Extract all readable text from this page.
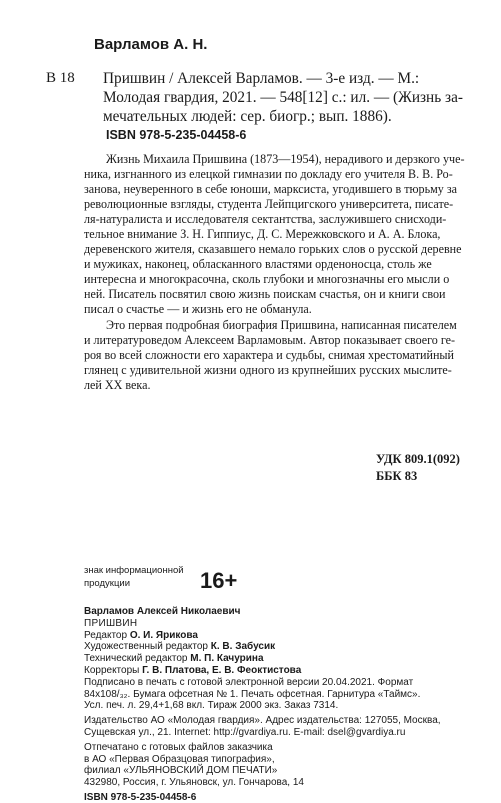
Варламов А. Н.
В 18 Пришвин / Алексей Варламов. — 3-е изд. — М.:
Молодая гвардия, 2021. — 548[12] с.: ил. — (Жизнь за-
мечательных людей: сер. биогр.; вып. 1886).
ISBN 978-5-235-04458-6
Жизнь Михаила Пришвина (1873—1954), нерадивого и дерзкого уче-
ника, изгнанного из елецкой гимназии по докладу его учителя В. В. Ро-
занова, неуверенного в себе юноши, марксиста, угодившего в тюрьму за
революционные взгляды, студента Лейпцигского университета, писате-
ля-натуралиста и исследователя сектантства, заслужившего снисходи-
тельное внимание З. Н. Гиппиус, Д. С. Мережковского и А. А. Блока,
деревенского жителя, сказавшего немало горьких слов о русской деревне
и мужиках, наконец, обласканного властями орденоносца, столь же
интересна и многокрасочна, сколь глубоки и многозначны его мысли о
ней. Писатель посвятил свою жизнь поискам счастья, он и книги свои
писал о счастье — и жизнь его не обманула.
Это первая подробная биография Пришвина, написанная писателем
и литературоведом Алексеем Варламовым. Автор показывает своего ге-
роя во всей сложности его характера и судьбы, снимая хрестоматийный
глянец с удивительной жизни одного из крупнейших русских мыслите-
лей XX века.
УДК 809.1(092)
ББК 83
знак информационной продукции	16+
Варламов Алексей Николаевич
ПРИШВИН
Редактор О. И. Ярикова
Художественный редактор К. В. Забусик
Технический редактор М. П. Качурина
Корректоры Г. В. Платова, Е. В. Феоктистова
Подписано в печать с готовой электронной версии 20.04.2021. Формат
84х108/₃₂. Бумага офсетная № 1. Печать офсетная. Гарнитура «Таймс».
Усл. печ. л. 29,4+1,68 вкл. Тираж 2000 экз. Заказ 7314.
Издательство АО «Молодая гвардия». Адрес издательства: 127055, Москва,
Сущевская ул., 21. Internet: http://gvardiya.ru. E-mail: dsel@gvardiya.ru
Отпечатано с готовых файлов заказчика
в АО «Первая Образцовая типография»,
филиал «УЛЬЯНОВСКИЙ ДОМ ПЕЧАТИ»
432980, Россия, г. Ульяновск, ул. Гончарова, 14
ISBN 978-5-235-04458-6
